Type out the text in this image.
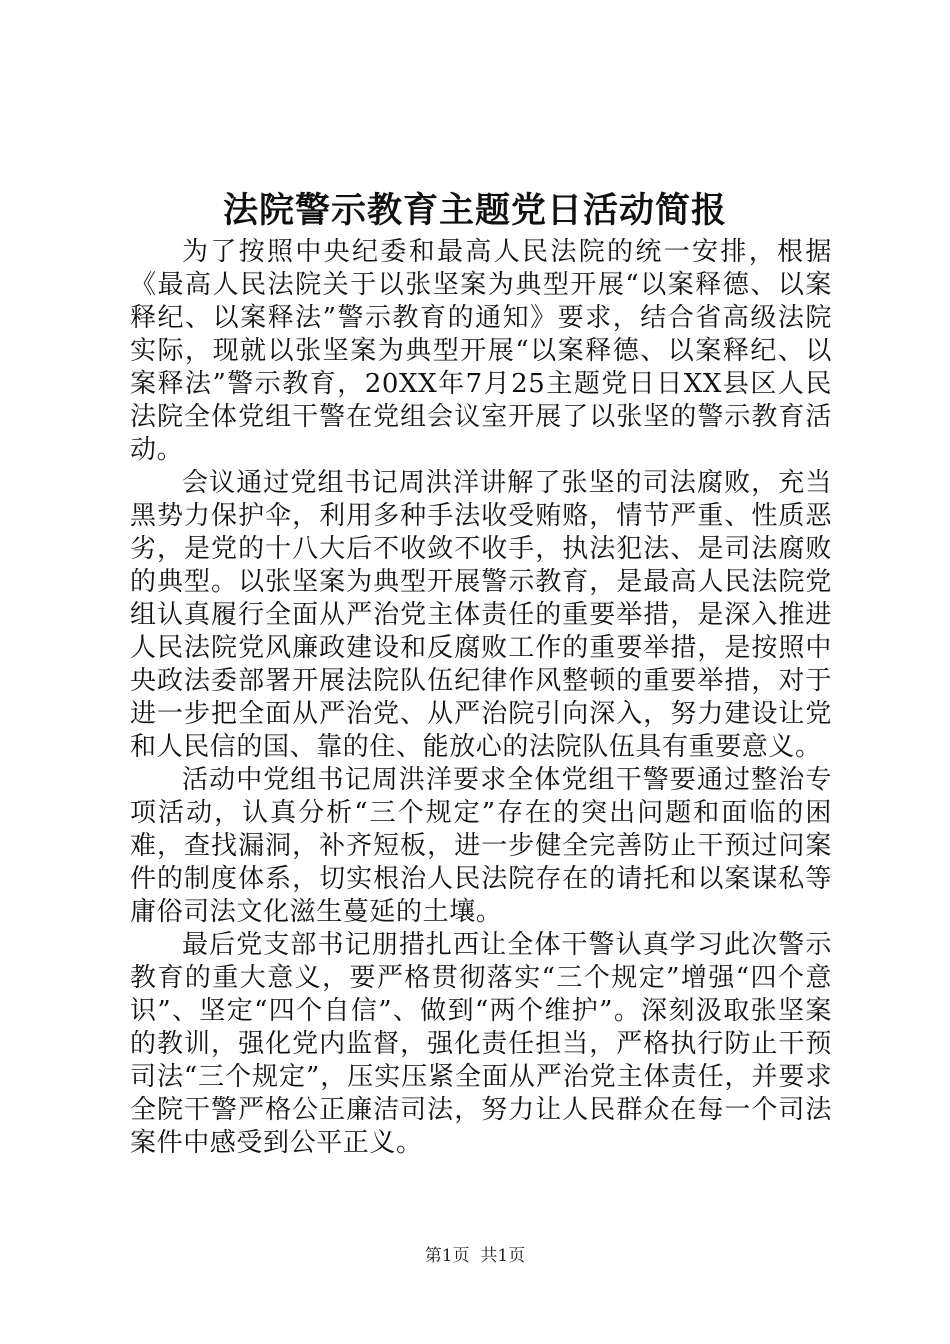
法院警示教育主题党日活动简报

为了按照中央纪委和最高人民法院的统一安排，根据《最高人民法院关于以张坚案为典型开展“以案释德、以案释纪、以案释法”警示教育的通知》要求，结合省高级法院实际，现就以张坚案为典型开展“以案释德、以案释纪、以案释法”警示教育，20XX年7月25主题党日日XX县区人民法院全体党组干警在党组会议室开展了以张坚的警示教育活动。

会议通过党组书记周洪洋讲解了张坚的司法腐败，充当黑势力保护伞，利用多种手法收受贿赂，情节严重、性质恶劣，是党的十八大后不收敛不收手，执法犯法、是司法腐败的典型。以张坚案为典型开展警示教育，是最高人民法院党组认真履行全面从严治党主体责任的重要举措，是深入推进人民法院党风廉政建设和反腐败工作的重要举措，是按照中央政法委部署开展法院队伍纪律作风整顿的重要举措，对于进一步把全面从严治党、从严治院引向深入，努力建设让党和人民信的国、靠的住、能放心的法院队伍具有重要意义。

活动中党组书记周洪洋要求全体党组干警要通过整治专项活动，认真分析“三个规定”存在的突出问题和面临的困难，查找漏洞，补齐短板，进一步健全完善防止干预过问案件的制度体系，切实根治人民法院存在的请托和以案谋私等庸俗司法文化滋生蔓延的土壤。

最后党支部书记朋措扎西让全体干警认真学习此次警示教育的重大意义，要严格贯彻落实“三个规定”增强“四个意识”、坚定“四个自信”、做到“两个维护”。深刻汲取张坚案的教训，强化党内监督，强化责任担当，严格执行防止干预司法“三个规定”，压实压紧全面从严治党主体责任，并要求全院干警严格公正廉洁司法，努力让人民群众在每一个司法案件中感受到公平正义。

第1页 共1页
